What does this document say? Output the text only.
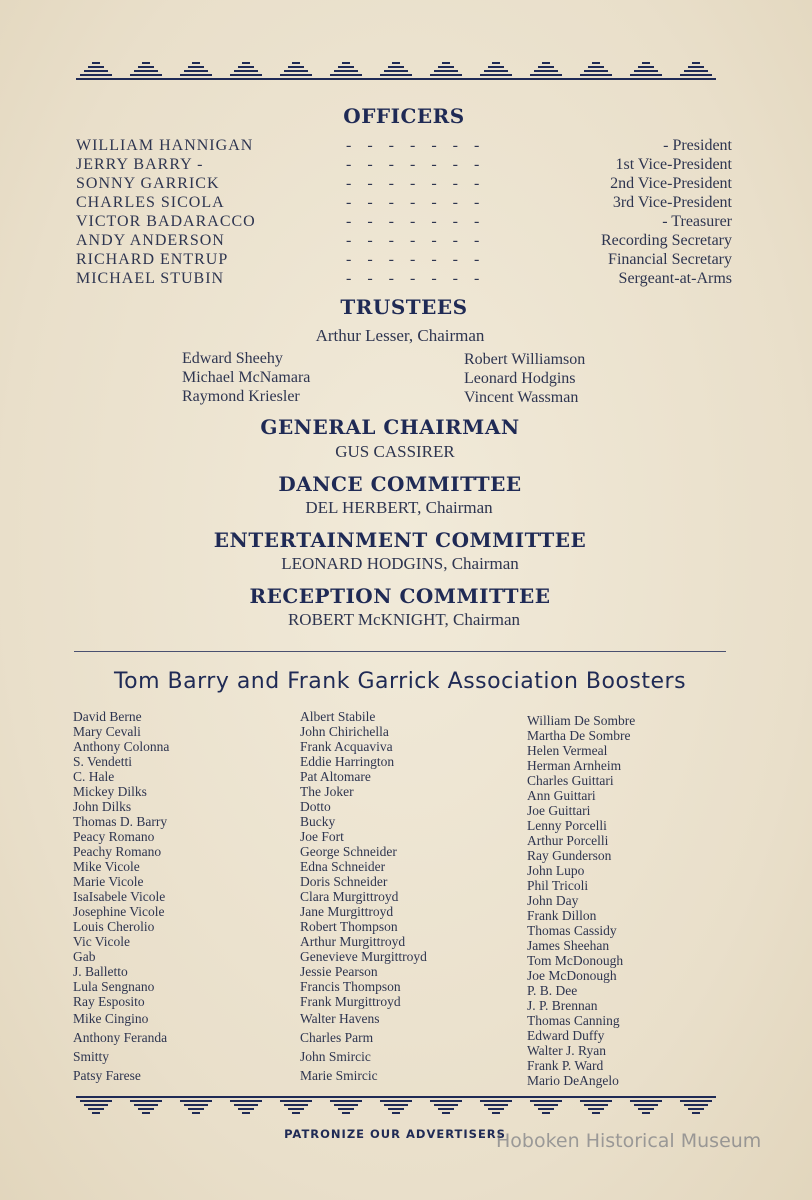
OFFICERS
WILLIAM HANNIGAN	-    -    -    -    -    -    -	- President
JERRY BARRY -	-    -    -    -    -    -    -	1st Vice-President
SONNY GARRICK	-    -    -    -    -    -    -	2nd Vice-President
CHARLES SICOLA	-    -    -    -    -    -    -	3rd Vice-President
VICTOR BADARACCO	-    -    -    -    -    -    -	- Treasurer
ANDY ANDERSON	-    -    -    -    -    -    -	Recording Secretary
RICHARD ENTRUP	-    -    -    -    -    -    -	Financial Secretary
MICHAEL STUBIN	-    -    -    -    -    -    -	Sergeant-at-Arms
TRUSTEES
Arthur Lesser, Chairman
Edward Sheehy
Michael McNamara
Raymond Kriesler
Robert Williamson
Leonard Hodgins
Vincent Wassman
GENERAL CHAIRMAN
GUS CASSIRER
DANCE COMMITTEE
DEL HERBERT, Chairman
ENTERTAINMENT COMMITTEE
LEONARD HODGINS, Chairman
RECEPTION COMMITTEE
ROBERT McKNIGHT, Chairman
Tom Barry and Frank Garrick Association Boosters
David Berne
Mary Cevali
Anthony Colonna
S. Vendetti
C. Hale
Mickey Dilks
John Dilks
Thomas D. Barry
Peacy Romano
Peachy Romano
Mike Vicole
Marie Vicole
IsaIsabele Vicole
Josephine Vicole
Louis Cherolio
Vic Vicole
Gab
J. Balletto
Lula Sengnano
Ray Esposito
Mike Cingino
Anthony Feranda
Smitty
Patsy Farese
Albert Stabile
John Chirichella
Frank Acquaviva
Eddie Harrington
Pat Altomare
The Joker
Dotto
Bucky
Joe Fort
George Schneider
Edna Schneider
Doris Schneider
Clara Murgittroyd
Jane Murgittroyd
Robert Thompson
Arthur Murgittroyd
Genevieve Murgittroyd
Jessie Pearson
Francis Thompson
Frank Murgittroyd
Walter Havens
Charles Parm
John Smircic
Marie Smircic
William De Sombre
Martha De Sombre
Helen Vermeal
Herman Arnheim
Charles Guittari
Ann Guittari
Joe Guittari
Lenny Porcelli
Arthur Porcelli
Ray Gunderson
John Lupo
Phil Tricoli
John Day
Frank Dillon
Thomas Cassidy
James Sheehan
Tom McDonough
Joe McDonough
P. B. Dee
J. P. Brennan
Thomas Canning
Edward Duffy
Walter J. Ryan
Frank P. Ward
Mario DeAngelo
PATRONIZE OUR ADVERTISERS
Hoboken Historical Museum
